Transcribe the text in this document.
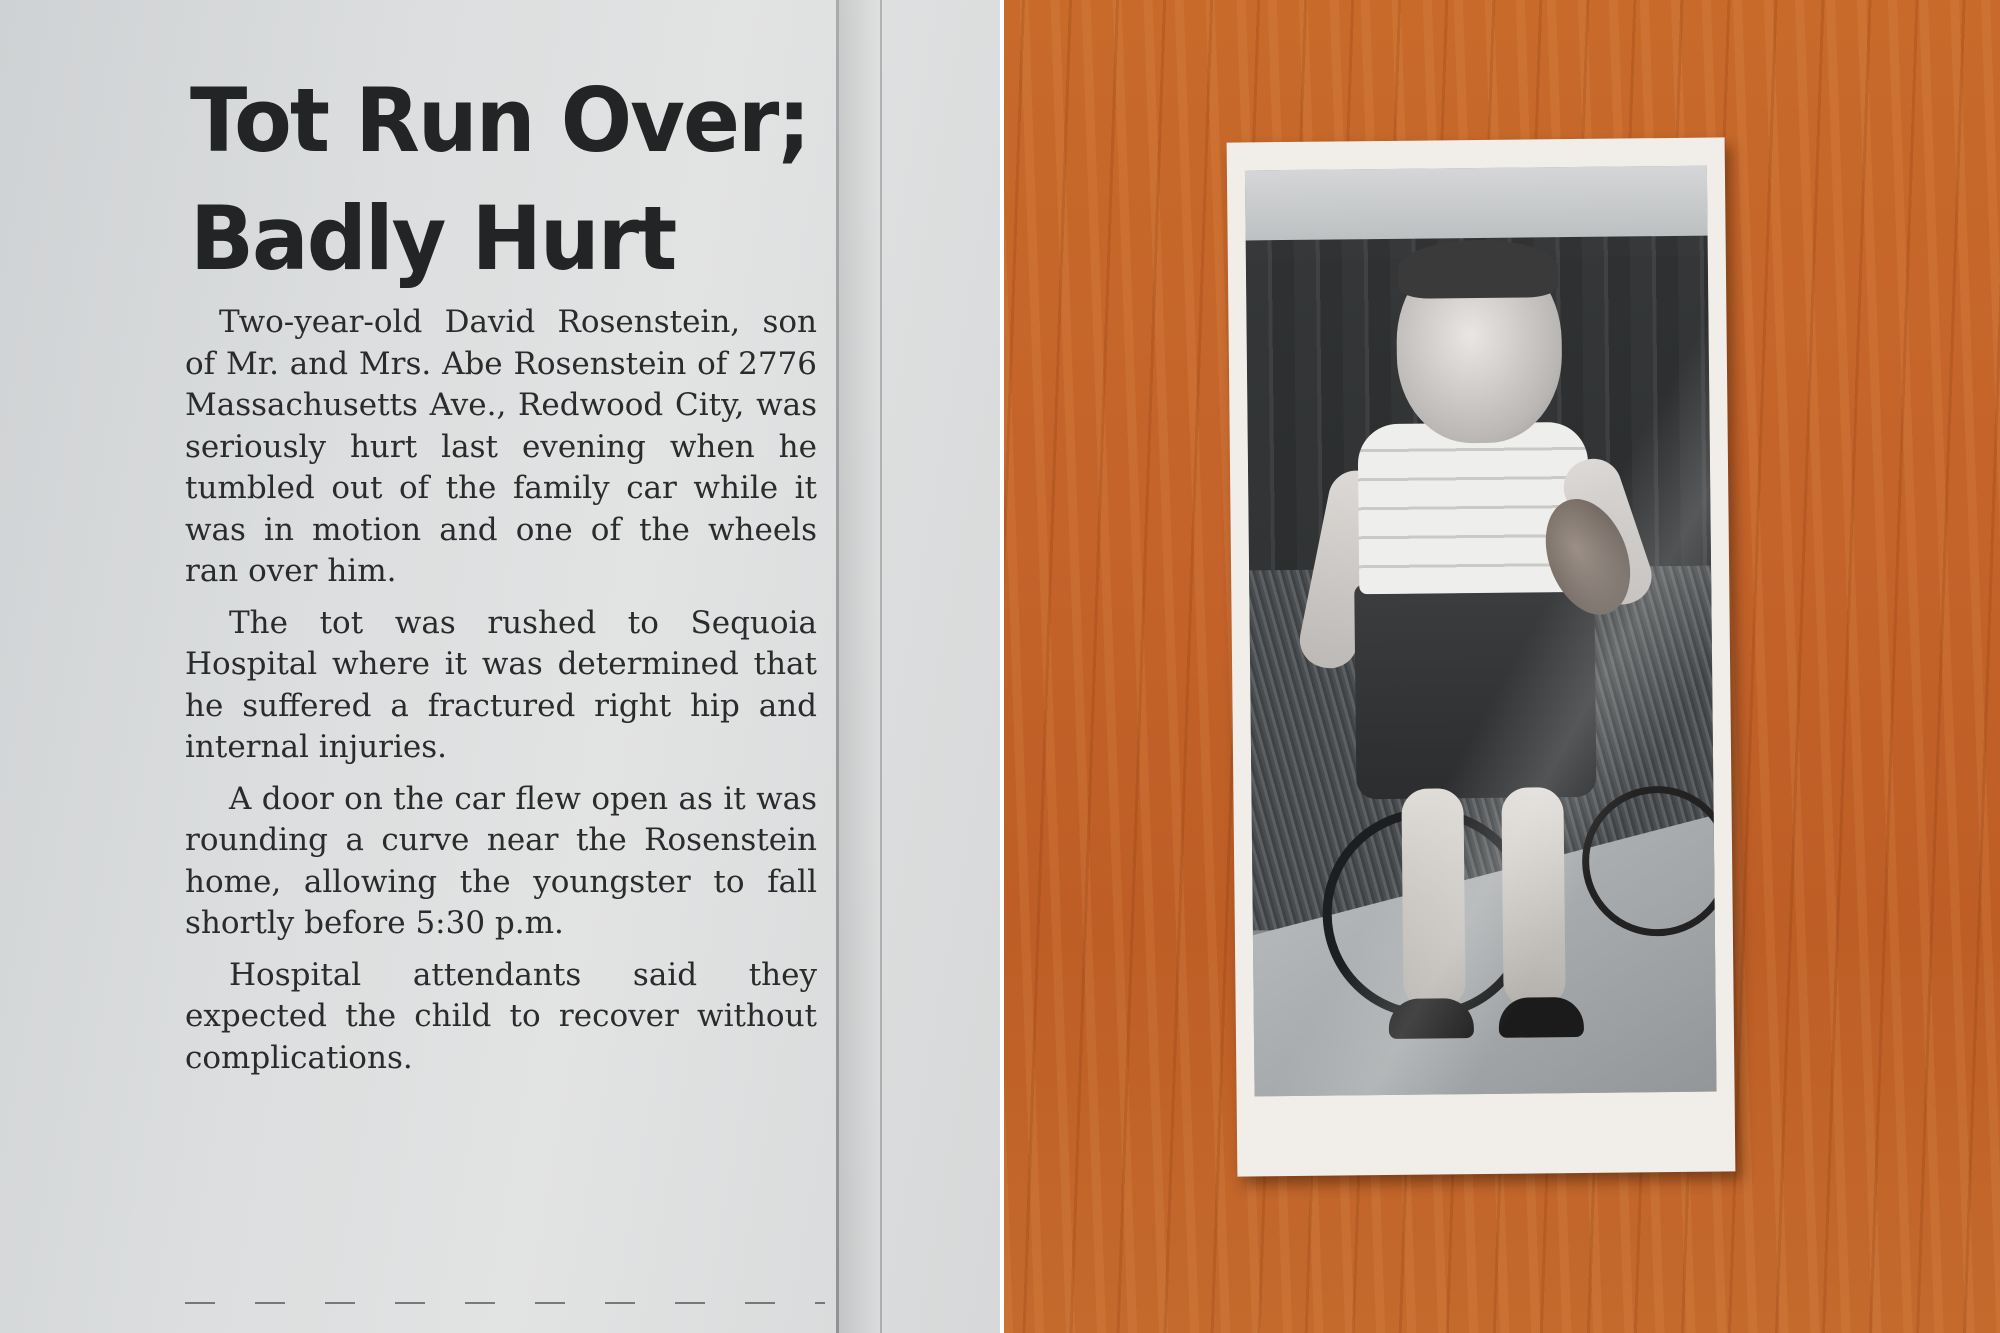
Tot Run Over;
Badly Hurt

Two-year-old David Rosenstein, son of Mr. and Mrs. Abe Rosenstein of 2776 Massachusetts Ave., Redwood City, was seriously hurt last evening when he tumbled out of the family car while it was in motion and one of the wheels ran over him.

The tot was rushed to Sequoia Hospital where it was determined that he suffered a fractured right hip and internal injuries.

A door on the car flew open as it was rounding a curve near the Rosenstein home, allowing the youngster to fall shortly before 5:30 p.m.

Hospital attendants said they expected the child to recover without complications.
